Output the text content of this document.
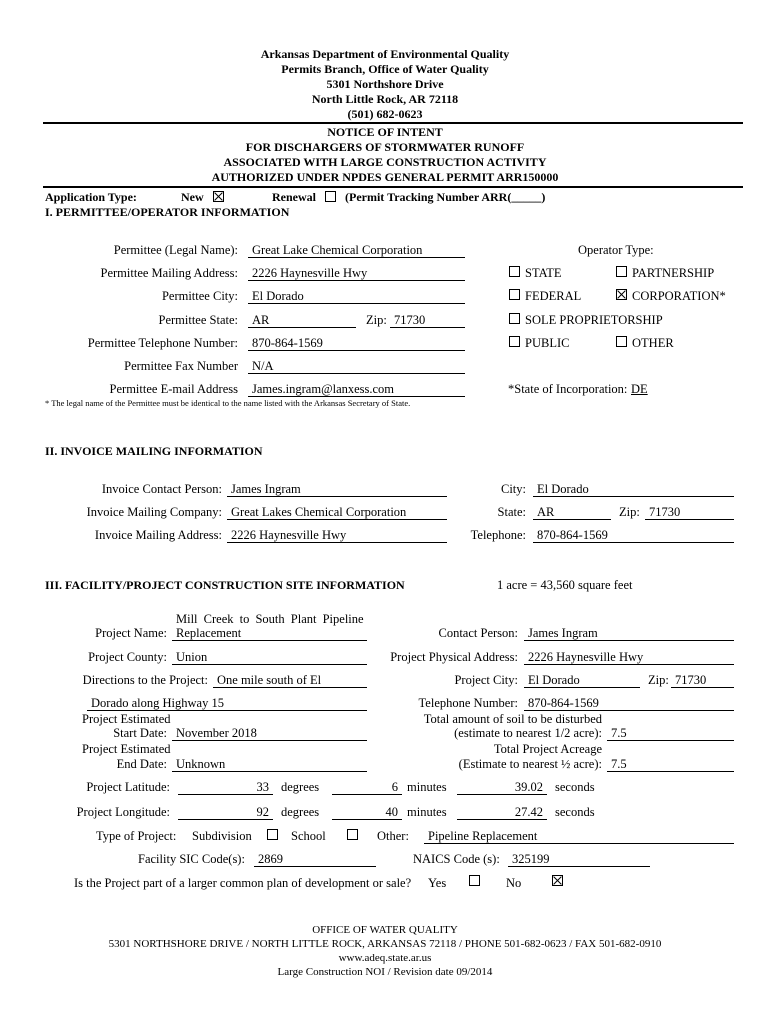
Arkansas Department of Environmental Quality
Permits Branch, Office of Water Quality
5301 Northshore Drive
North Little Rock, AR 72118
(501) 682-0623
NOTICE OF INTENT
FOR DISCHARGERS OF STORMWATER RUNOFF
ASSOCIATED WITH LARGE CONSTRUCTION ACTIVITY
AUTHORIZED UNDER NPDES GENERAL PERMIT ARR150000
Application Type:	New	Renewal (Permit Tracking Number ARR(_____)
I. PERMITTEE/OPERATOR INFORMATION
Permittee (Legal Name):	Great Lake Chemical Corporation
Permittee Mailing Address:	2226 Haynesville Hwy
Permittee City:	El Dorado
Permittee State:	AR	Zip: 71730
Permittee Telephone Number:	870-864-1569
Permittee Fax Number	N/A
Permittee E-mail Address	James.ingram@lanxess.com
* The legal name of the Permittee must be identical to the name listed with the Arkansas Secretary of State.
Operator Type:
STATE	PARTNERSHIP
FEDERAL	CORPORATION*
SOLE PROPRIETORSHIP
PUBLIC	OTHER
*State of Incorporation: DE
II. INVOICE MAILING INFORMATION
Invoice Contact Person: James Ingram
Invoice Mailing Company: Great Lakes Chemical Corporation
Invoice Mailing Address: 2226 Haynesville Hwy
City: El Dorado
State: AR	Zip: 71730
Telephone: 870-864-1569
III. FACILITY/PROJECT CONSTRUCTION SITE INFORMATION	1 acre = 43,560 square feet
Mill Creek to South Plant Pipeline
Project Name: Replacement
Project County: Union
Directions to the Project: One mile south of El
Dorado along Highway 15
Project Estimated
Start Date: November 2018
Project Estimated
End Date: Unknown
Contact Person: James Ingram
Project Physical Address: 2226 Haynesville Hwy
Project City: El Dorado	Zip: 71730
Telephone Number: 870-864-1569
Total amount of soil to be disturbed
(estimate to nearest 1/2 acre): 7.5
Total Project Acreage
(Estimate to nearest ½ acre): 7.5
Project Latitude:	33 degrees	6 minutes	39.02 seconds
Project Longitude:	92 degrees	40 minutes	27.42 seconds
Type of Project: Subdivision	School	Other:	Pipeline Replacement
Facility SIC Code(s):	2869	NAICS Code (s): 325199
Is the Project part of a larger common plan of development or sale? Yes	No
OFFICE OF WATER QUALITY
5301 NORTHSHORE DRIVE / NORTH LITTLE ROCK, ARKANSAS 72118 / PHONE 501-682-0623 / FAX 501-682-0910
www.adeq.state.ar.us
Large Construction NOI / Revision date 09/2014
